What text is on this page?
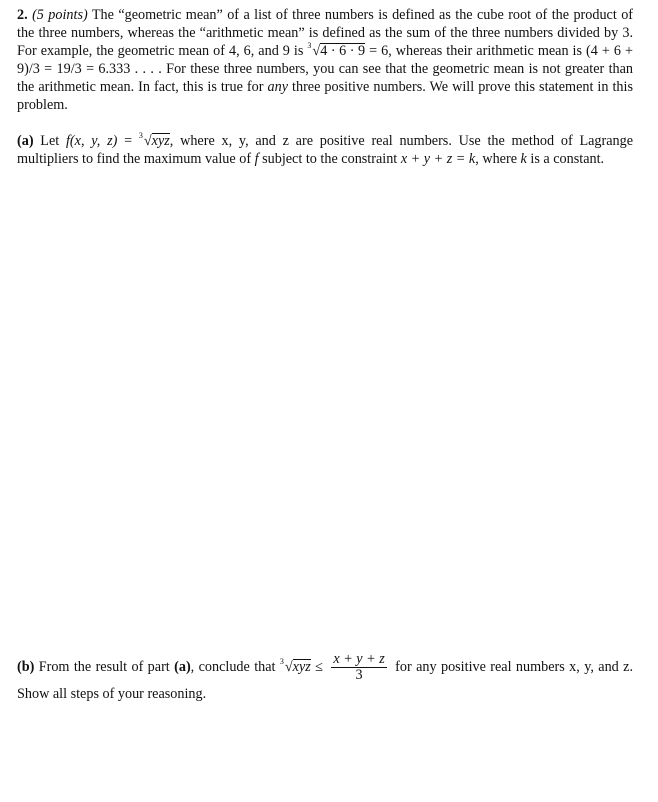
2. (5 points) The “geometric mean” of a list of three numbers is defined as the cube root of the product of the three numbers, whereas the “arithmetic mean” is defined as the sum of the three numbers divided by 3. For example, the geometric mean of 4, 6, and 9 is 3√4 · 6 · 9 = 6, whereas their arithmetic mean is (4 + 6 + 9)/3 = 19/3 = 6.333 . . . . For these three numbers, you can see that the geometric mean is not greater than the arithmetic mean. In fact, this is true for any three positive numbers. We will prove this statement in this problem.
(a) Let f(x, y, z) = 3√xyz, where x, y, and z are positive real numbers. Use the method of Lagrange multipliers to find the maximum value of f subject to the constraint x + y + z = k, where k is a constant.
(b) From the result of part (a), conclude that $3√xyz \le \frac{x + y + z}{3}$ for any positive real numbers x, y, and z. Show all steps of your reasoning.
